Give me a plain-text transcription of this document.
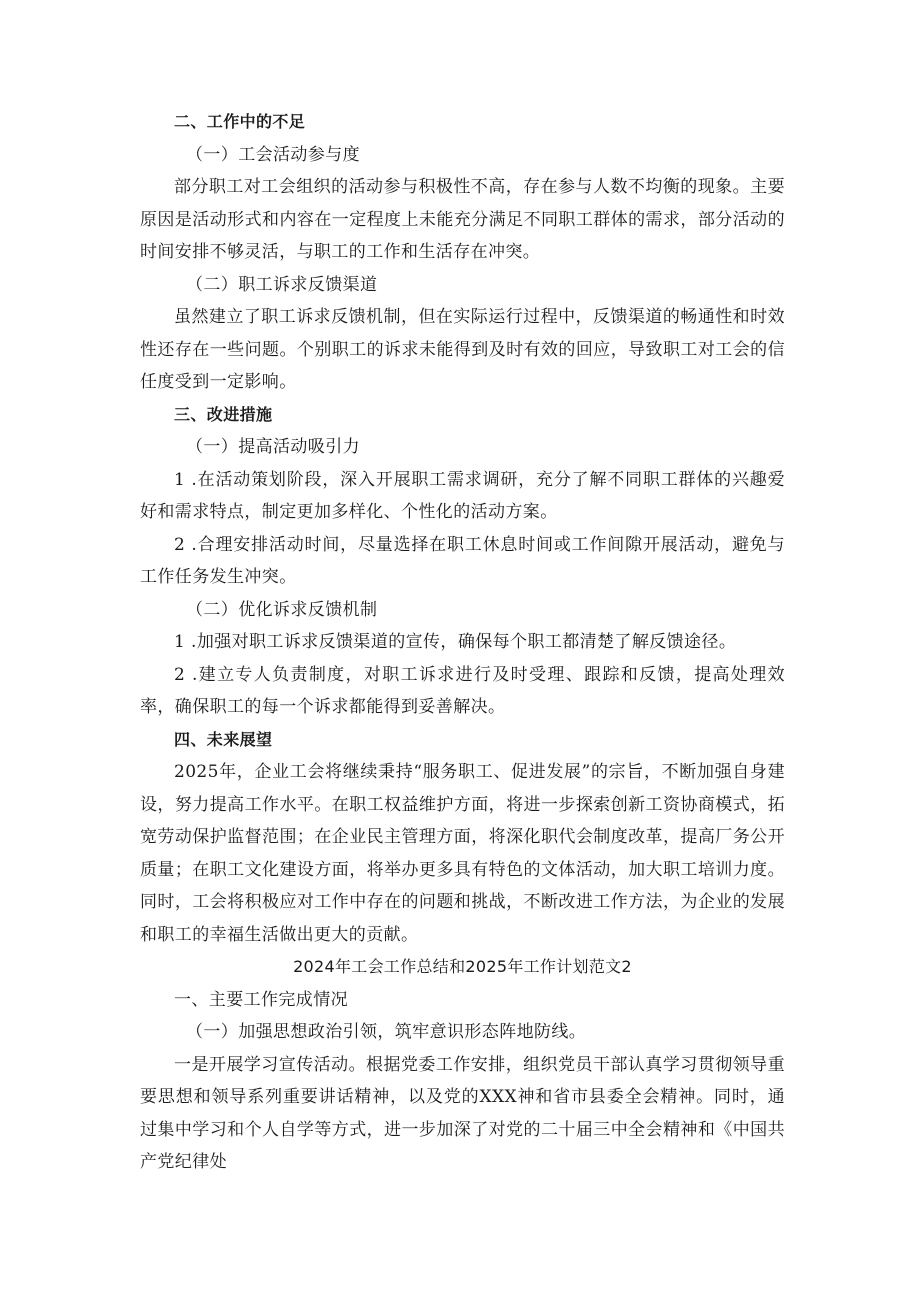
二、工作中的不足
（一）工会活动参与度
部分职工对工会组织的活动参与积极性不高，存在参与人数不均衡的现象。主要原因是活动形式和内容在一定程度上未能充分满足不同职工群体的需求，部分活动的时间安排不够灵活，与职工的工作和生活存在冲突。
（二）职工诉求反馈渠道
虽然建立了职工诉求反馈机制，但在实际运行过程中，反馈渠道的畅通性和时效性还存在一些问题。个别职工的诉求未能得到及时有效的回应，导致职工对工会的信任度受到一定影响。
三、改进措施
（一）提高活动吸引力
1 .在活动策划阶段，深入开展职工需求调研，充分了解不同职工群体的兴趣爱好和需求特点，制定更加多样化、个性化的活动方案。
2 .合理安排活动时间，尽量选择在职工休息时间或工作间隙开展活动，避免与工作任务发生冲突。
（二）优化诉求反馈机制
1 .加强对职工诉求反馈渠道的宣传，确保每个职工都清楚了解反馈途径。
2 .建立专人负责制度，对职工诉求进行及时受理、跟踪和反馈，提高处理效率，确保职工的每一个诉求都能得到妥善解决。
四、未来展望
2025年，企业工会将继续秉持“服务职工、促进发展”的宗旨，不断加强自身建设，努力提高工作水平。在职工权益维护方面，将进一步探索创新工资协商模式，拓宽劳动保护监督范围；在企业民主管理方面，将深化职代会制度改革，提高厂务公开质量；在职工文化建设方面，将举办更多具有特色的文体活动，加大职工培训力度。同时，工会将积极应对工作中存在的问题和挑战，不断改进工作方法，为企业的发展和职工的幸福生活做出更大的贡献。
2024年工会工作总结和2025年工作计划范文2
一、主要工作完成情况
（一）加强思想政治引领，筑牢意识形态阵地防线。
一是开展学习宣传活动。根据党委工作安排，组织党员干部认真学习贯彻领导重要思想和领导系列重要讲话精神，以及党的XXX神和省市县委全会精神。同时，通过集中学习和个人自学等方式，进一步加深了对党的二十届三中全会精神和《中国共产党纪律处
